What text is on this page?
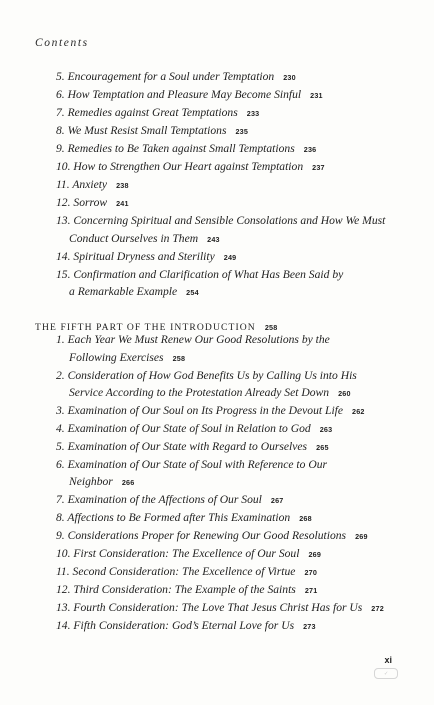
Contents
5. Encouragement for a Soul under Temptation 230
6. How Temptation and Pleasure May Become Sinful 231
7. Remedies against Great Temptations 233
8. We Must Resist Small Temptations 235
9. Remedies to Be Taken against Small Temptations 236
10. How to Strengthen Our Heart against Temptation 237
11. Anxiety 238
12. Sorrow 241
13. Concerning Spiritual and Sensible Consolations and How We Must
Conduct Ourselves in Them 243
14. Spiritual Dryness and Sterility 249
15. Confirmation and Clarification of What Has Been Said by
a Remarkable Example 254
THE FIFTH PART OF THE INTRODUCTION 258
1. Each Year We Must Renew Our Good Resolutions by the
Following Exercises 258
2. Consideration of How God Benefits Us by Calling Us into His
Service According to the Protestation Already Set Down 260
3. Examination of Our Soul on Its Progress in the Devout Life 262
4. Examination of Our State of Soul in Relation to God 263
5. Examination of Our State with Regard to Ourselves 265
6. Examination of Our State of Soul with Reference to Our
Neighbor 266
7. Examination of the Affections of Our Soul 267
8. Affections to Be Formed after This Examination 268
9. Considerations Proper for Renewing Our Good Resolutions 269
10. First Consideration: The Excellence of Our Soul 269
11. Second Consideration: The Excellence of Virtue 270
12. Third Consideration: The Example of the Saints 271
13. Fourth Consideration: The Love That Jesus Christ Has for Us 272
14. Fifth Consideration: God’s Eternal Love for Us 273
xi
✓
